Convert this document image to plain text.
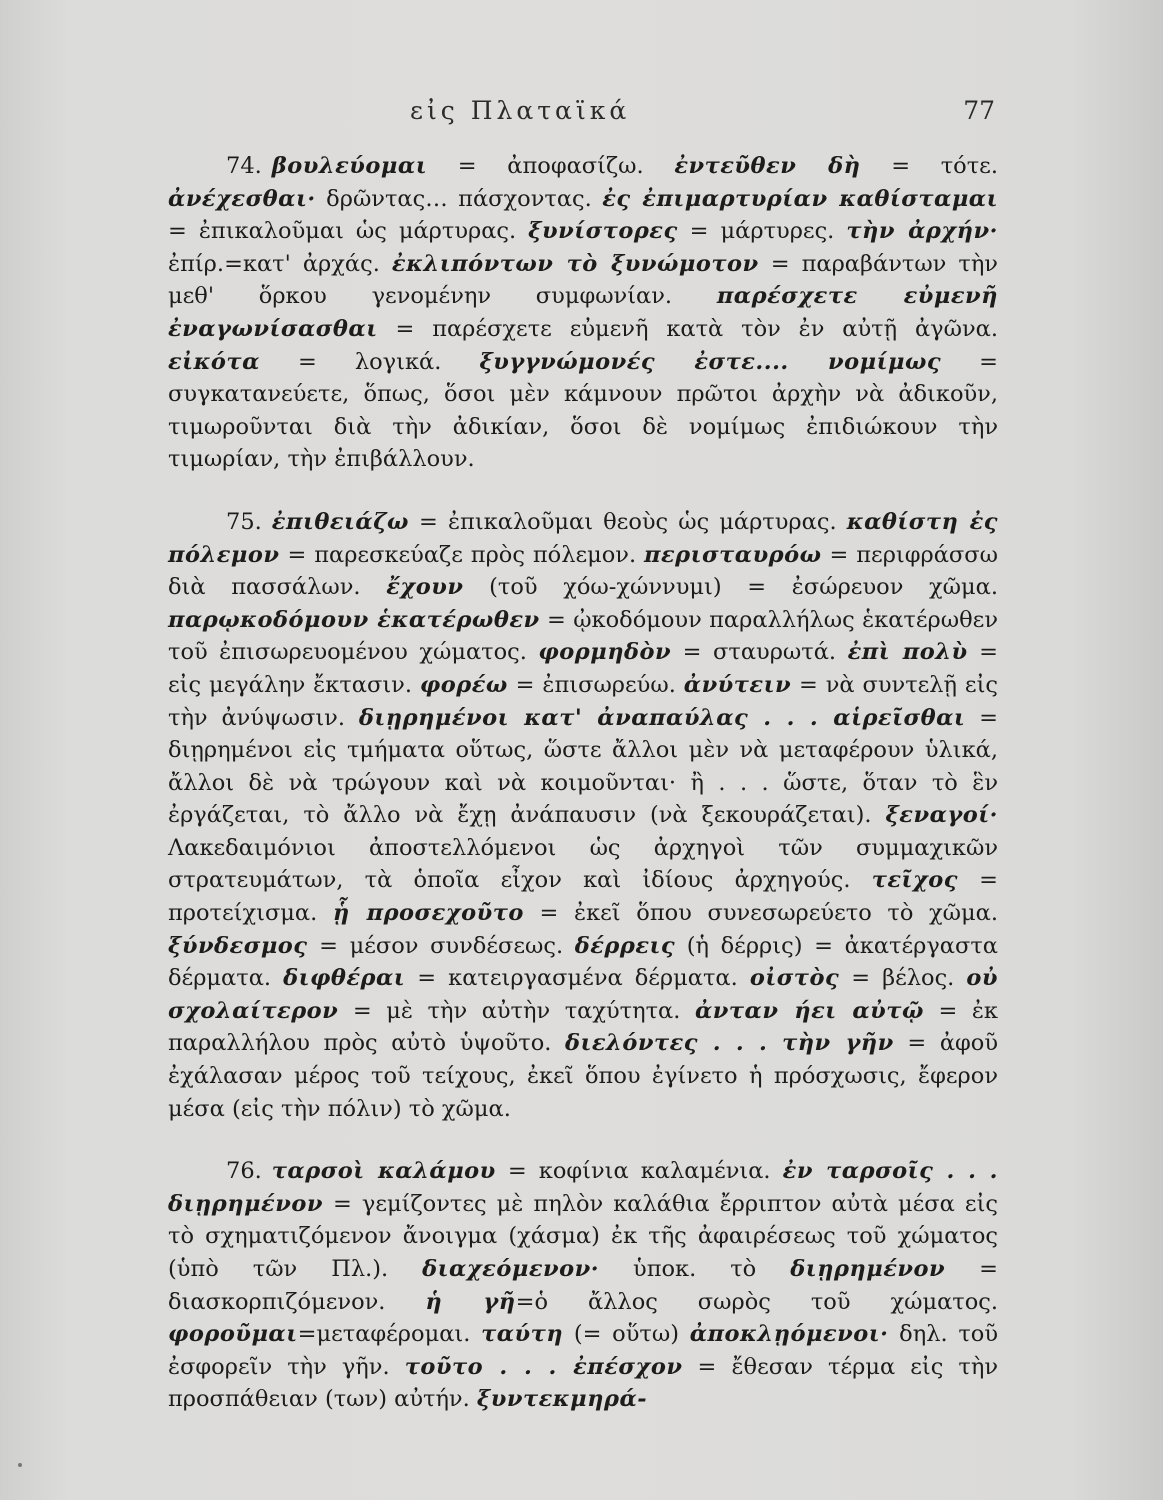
εἰς Πλαταϊκά	77

74. βουλεύομαι = ἀποφασίζω. ἐντεῦθεν δὴ = τότε. ἀνέχεσθαι· δρῶντας… πάσχοντας. ἐς ἐπιμαρτυρίαν καθίσταμαι = ἐπικαλοῦμαι ὡς μάρτυρας. ξυνίστορες = μάρτυρες. τὴν ἀρχήν· ἐπίρ.=κατ' ἀρχάς. ἐκλιπόντων τὸ ξυνώμοτον = παραβάντων τὴν μεθ' ὅρκου γενομένην συμφωνίαν. παρέσχετε εὐμενῆ ἐναγωνίσασθαι = παρέσχετε εὐμενῆ κατὰ τὸν ἐν αὐτῇ ἀγῶνα. εἰκότα = λογικά. ξυγγνώμονές ἐστε.... νομίμως = συγκατανεύετε, ὅπως, ὅσοι μὲν κάμνουν πρῶτοι ἀρχὴν νὰ ἀδικοῦν, τιμωροῦνται διὰ τὴν ἀδικίαν, ὅσοι δὲ νομίμως ἐπιδιώκουν τὴν τιμωρίαν, τὴν ἐπιβάλλουν.

75. ἐπιθειάζω = ἐπικαλοῦμαι θεοὺς ὡς μάρτυρας. καθίστη ἐς πόλεμον = παρεσκεύαζε πρὸς πόλεμον. περισταυρόω = περιφράσσω διὰ πασσάλων. ἔχουν (τοῦ χόω-χώννυμι) = ἐσώρευον χῶμα. παρῳκοδόμουν ἑκατέρωθεν = ᾠκοδόμουν παραλλήλως ἑκατέρωθεν τοῦ ἐπισωρευομένου χώματος. φορμηδὸν = σταυρωτά. ἐπὶ πολὺ = εἰς μεγάλην ἔκτασιν. φορέω = ἐπισωρεύω. ἀνύτειν = νὰ συντελῇ εἰς τὴν ἀνύψωσιν. διῃρημένοι κατ' ἀναπαύλας . . . αἱρεῖσθαι = διῃρημένοι εἰς τμήματα οὕτως, ὥστε ἄλλοι μὲν νὰ μεταφέρουν ὑλικά, ἄλλοι δὲ νὰ τρώγουν καὶ νὰ κοιμοῦνται· ἢ . . . ὥστε, ὅταν τὸ ἓν ἐργάζεται, τὸ ἄλλο νὰ ἔχῃ ἀνάπαυσιν (νὰ ξεκουράζεται). ξεναγοί· Λακεδαιμόνιοι ἀποστελλόμενοι ὡς ἀρχηγοὶ τῶν συμμαχικῶν στρατευμάτων, τὰ ὁποῖα εἶχον καὶ ἰδίους ἀρχηγούς. τεῖχος = προτείχισμα. ᾗ προσεχοῦτο = ἐκεῖ ὅπου συνεσωρεύετο τὸ χῶμα. ξύνδεσμος = μέσον συνδέσεως. δέρρεις (ἡ δέρρις) = ἀκατέργαστα δέρματα. διφθέραι = κατειργασμένα δέρματα. οἰστὸς = βέλος. οὐ σχολαίτερον = μὲ τὴν αὐτὴν ταχύτητα. ἀνταν ήει αὐτῷ = ἐκ παραλλήλου πρὸς αὐτὸ ὑψοῦτο. διελόντες . . . τὴν γῆν = ἀφοῦ ἐχάλασαν μέρος τοῦ τείχους, ἐκεῖ ὅπου ἐγίνετο ἡ πρόσχωσις, ἔφερον μέσα (εἰς τὴν πόλιν) τὸ χῶμα.

76. ταρσοὶ καλάμου = κοφίνια καλαμένια. ἐν ταρσοῖς . . . διῃρημένον = γεμίζοντες μὲ πηλὸν καλάθια ἔρριπτον αὐτὰ μέσα εἰς τὸ σχηματιζόμενον ἄνοιγμα (χάσμα) ἐκ τῆς ἀφαιρέσεως τοῦ χώματος (ὑπὸ τῶν Πλ.). διαχεόμενον· ὑποκ. τὸ διῃρημένον = διασκορπιζόμενον. ἡ γῆ=ὁ ἄλλος σωρὸς τοῦ χώματος. φοροῦμαι=μεταφέρομαι. ταύτη (= οὕτω) ἀποκλῃόμενοι· δηλ. τοῦ ἐσφορεῖν τὴν γῆν. τοῦτο . . . ἐπέσχον = ἔθεσαν τέρμα εἰς τὴν προσπάθειαν (των) αὐτήν. ξυντεκμηρά-
